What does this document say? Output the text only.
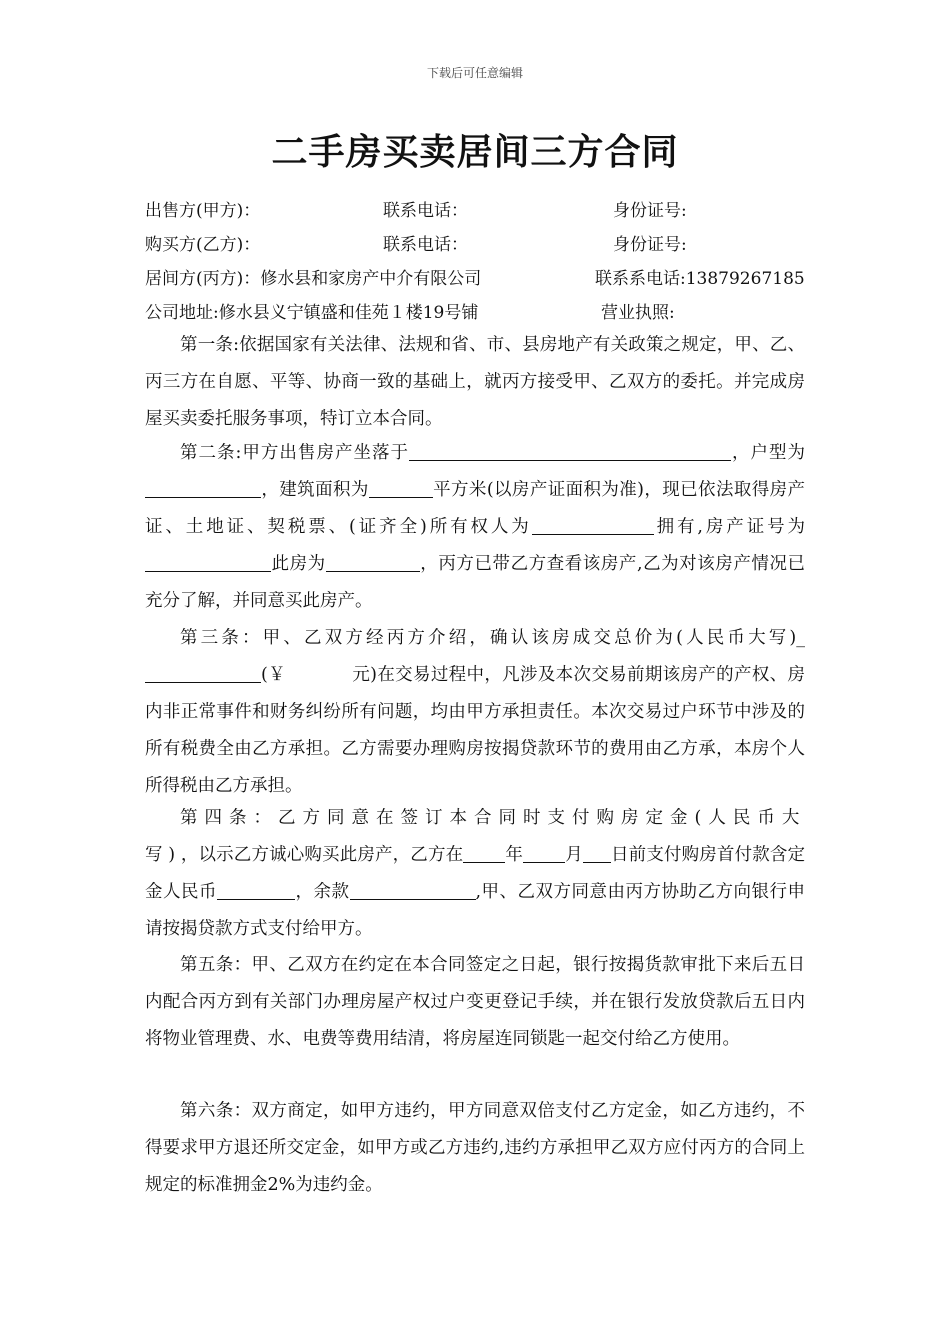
下载后可任意编辑
二手房买卖居间三方合同
出售方(甲方)：	联系电话：	身份证号:
购买方(乙方)：	联系电话：	身份证号:
居间方(丙方)：修水县和家房产中介有限公司	联系系电话:13879267185
公司地址:修水县义宁镇盛和佳苑１楼19号铺	营业执照:
第一条:依据国家有关法律、法规和省、市、县房地产有关政策之规定，甲、乙、丙三方在自愿、平等、协商一致的基础上，就丙方接受甲、乙双方的委托。并完成房屋买卖委托服务事项，特订立本合同。
第二条:甲方出售房产坐落于	，户型为，建筑面积为	平方米(以房产证面积为准)，现已依法取得房产证、土地证、契税票、(证齐全)所有权人为	拥有,房产证号为此房为	，丙方已带乙方查看该房产,乙为对该房产情况已充分了解，并同意买此房产。
第三条：甲、乙双方经丙方介绍，确认该房成交总价为(人民币大写)_(￥	元)在交易过程中，凡涉及本次交易前期该房产的产权、房内非正常事件和财务纠纷所有问题，均由甲方承担责任。本次交易过户环节中涉及的所有税费全由乙方承担。乙方需要办理购房按揭贷款环节的费用由乙方承，本房个人所得税由乙方承担。
第四条：乙方同意在签订本合同时支付购房定金(人民币大写)，以示乙方诚心购买此房产，乙方在 年 月 日前支付购房首付款含定金人民币	，余款	,甲、乙双方同意由丙方协助乙方向银行申请按揭贷款方式支付给甲方。
第五条：甲、乙双方在约定在本合同签定之日起，银行按揭货款审批下来后五日内配合丙方到有关部门办理房屋产权过户变更登记手续，并在银行发放贷款后五日内将物业管理费、水、电费等费用结清，将房屋连同锁匙一起交付给乙方使用。
第六条：双方商定，如甲方违约，甲方同意双倍支付乙方定金，如乙方违约，不得要求甲方退还所交定金，如甲方或乙方违约,违约方承担甲乙双方应付丙方的合同上规定的标准拥金2%为违约金。
